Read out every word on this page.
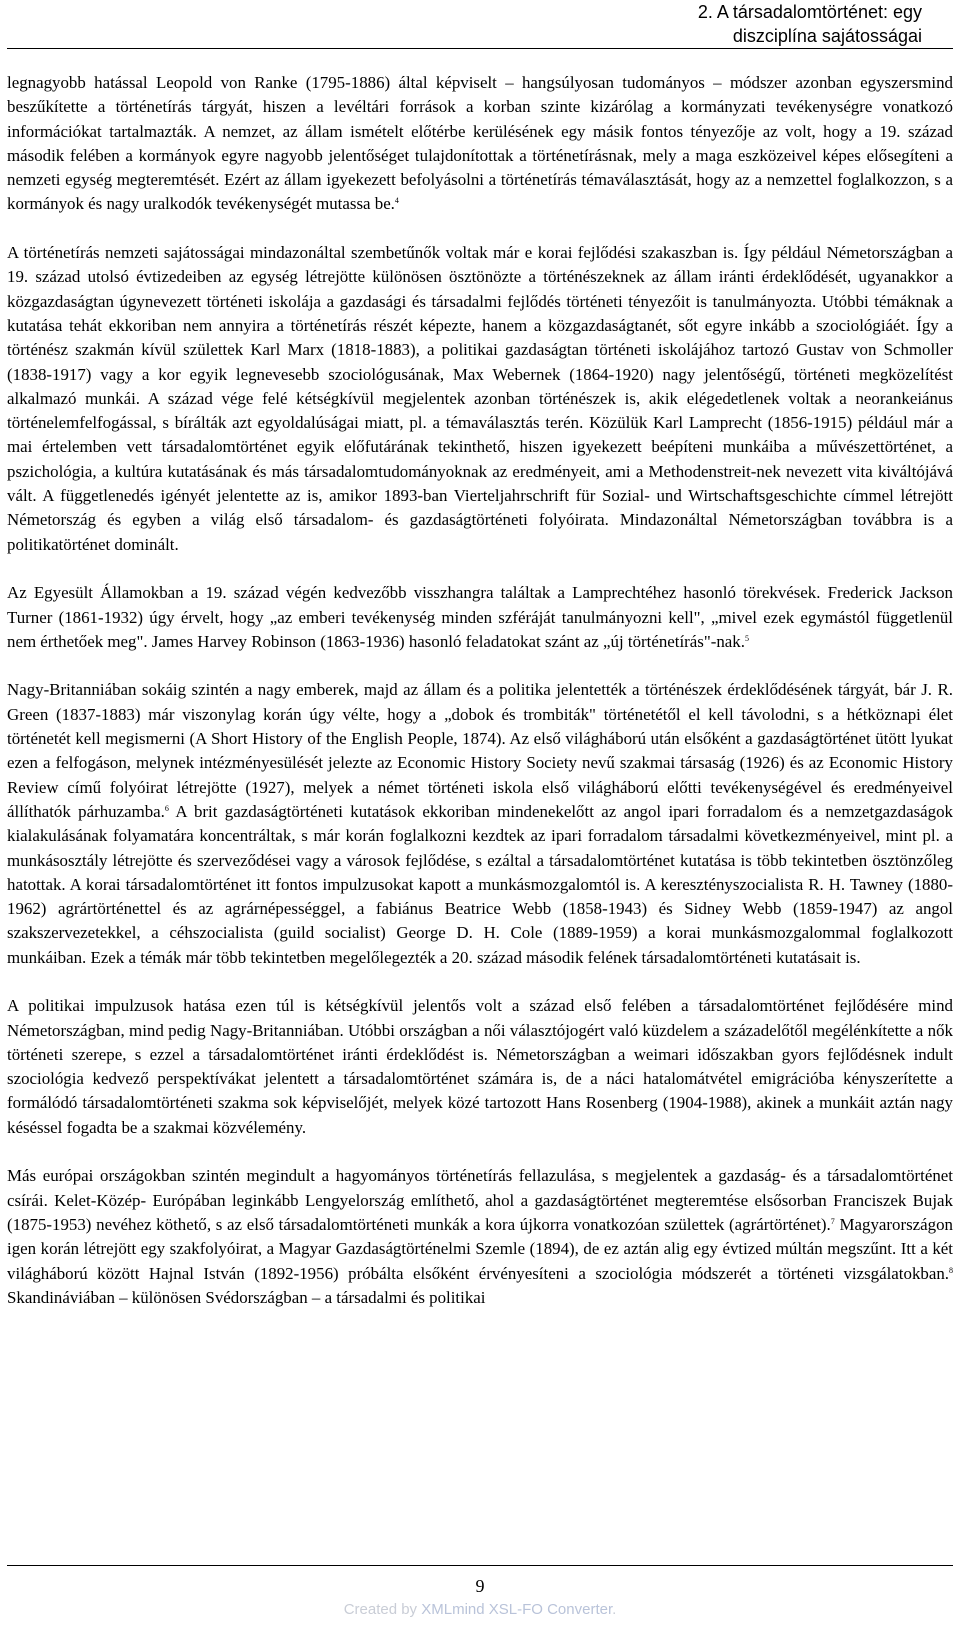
2. A társadalomtörténet: egy
diszciplína sajátosságai

legnagyobb hatással Leopold von Ranke (1795-1886) által képviselt – hangsúlyosan tudományos – módszer azonban egyszersmind beszűkítette a történetírás tárgyát, hiszen a levéltári források a korban szinte kizárólag a kormányzati tevékenységre vonatkozó információkat tartalmazták. A nemzet, az állam ismételt előtérbe kerülésének egy másik fontos tényezője az volt, hogy a 19. század második felében a kormányok egyre nagyobb jelentőséget tulajdonítottak a történetírásnak, mely a maga eszközeivel képes elősegíteni a nemzeti egység megteremtését. Ezért az állam igyekezett befolyásolni a történetírás témaválasztását, hogy az a nemzettel foglalkozzon, s a kormányok és nagy uralkodók tevékenységét mutassa be.$^4$

A történetírás nemzeti sajátosságai mindazonáltal szembetűnők voltak már e korai fejlődési szakaszban is. Így például Németországban a 19. század utolsó évtizedeiben az egység létrejötte különösen ösztönözte a történészeknek az állam iránti érdeklődését, ugyanakkor a közgazdaságtan úgynevezett történeti iskolája a gazdasági és társadalmi fejlődés történeti tényezőit is tanulmányozta. Utóbbi témáknak a kutatása tehát ekkoriban nem annyira a történetírás részét képezte, hanem a közgazdaságtanét, sőt egyre inkább a szociológiáét. Így a történész szakmán kívül születtek Karl Marx (1818-1883), a politikai gazdaságtan történeti iskolájához tartozó Gustav von Schmoller (1838-1917) vagy a kor egyik legnevesebb szociológusának, Max Webernek (1864-1920) nagy jelentőségű, történeti megközelítést alkalmazó munkái. A század vége felé kétségkívül megjelentek azonban történészek is, akik elégedetlenek voltak a neorankeiánus történelemfelfogással, s bírálták azt egyoldalúságai miatt, pl. a témaválasztás terén. Közülük Karl Lamprecht (1856-1915) például már a mai értelemben vett társadalomtörténet egyik előfutárának tekinthető, hiszen igyekezett beépíteni munkáiba a művészettörténet, a pszichológia, a kultúra kutatásának és más társadalomtudományoknak az eredményeit, ami a Methodenstreit-nek nevezett vita kiváltójává vált. A függetlenedés igényét jelentette az is, amikor 1893-ban Vierteljahrschrift für Sozial- und Wirtschaftsgeschichte címmel létrejött Németország és egyben a világ első társadalom- és gazdaságtörténeti folyóirata. Mindazonáltal Németországban továbbra is a politikatörténet dominált.

Az Egyesült Államokban a 19. század végén kedvezőbb visszhangra találtak a Lamprechtéhez hasonló törekvések. Frederick Jackson Turner (1861-1932) úgy érvelt, hogy „az emberi tevékenység minden szféráját tanulmányozni kell", „mivel ezek egymástól függetlenül nem érthetőek meg". James Harvey Robinson (1863-1936) hasonló feladatokat szánt az „új történetírás"-nak.$^5$

Nagy-Britanniában sokáig szintén a nagy emberek, majd az állam és a politika jelentették a történészek érdeklődésének tárgyát, bár J. R. Green (1837-1883) már viszonylag korán úgy vélte, hogy a „dobok és trombiták" történetétől el kell távolodni, s a hétköznapi élet történetét kell megismerni (A Short History of the English People, 1874). Az első világháború után elsőként a gazdaságtörténet ütött lyukat ezen a felfogáson, melynek intézményesülését jelezte az Economic History Society nevű szakmai társaság (1926) és az Economic History Review című folyóirat létrejötte (1927), melyek a német történeti iskola első világháború előtti tevékenységével és eredményeivel állíthatók párhuzamba.$^6$ A brit gazdaságtörténeti kutatások ekkoriban mindenekelőtt az angol ipari forradalom és a nemzetgazdaságok kialakulásának folyamatára koncentráltak, s már korán foglalkozni kezdtek az ipari forradalom társadalmi következményeivel, mint pl. a munkásosztály létrejötte és szerveződései vagy a városok fejlődése, s ezáltal a társadalomtörténet kutatása is több tekintetben ösztönzőleg hatottak. A korai társadalomtörténet itt fontos impulzusokat kapott a munkásmozgalomtól is. A keresztényszocialista R. H. Tawney (1880-1962) agrártörténettel és az agrárnépességgel, a fabiánus Beatrice Webb (1858-1943) és Sidney Webb (1859-1947) az angol szakszervezetekkel, a céhszocialista (guild socialist) George D. H. Cole (1889-1959) a korai munkásmozgalommal foglalkozott munkáiban. Ezek a témák már több tekintetben megelőlegezték a 20. század második felének társadalomtörténeti kutatásait is.

A politikai impulzusok hatása ezen túl is kétségkívül jelentős volt a század első felében a társadalomtörténet fejlődésére mind Németországban, mind pedig Nagy-Britanniában. Utóbbi országban a női választójogért való küzdelem a századelőtől megélénkítette a nők történeti szerepe, s ezzel a társadalomtörténet iránti érdeklődést is. Németországban a weimari időszakban gyors fejlődésnek indult szociológia kedvező perspektívákat jelentett a társadalomtörténet számára is, de a náci hatalomátvétel emigrációba kényszerítette a formálódó társadalomtörténeti szakma sok képviselőjét, melyek közé tartozott Hans Rosenberg (1904-1988), akinek a munkáit aztán nagy késéssel fogadta be a szakmai közvélemény.

Más európai országokban szintén megindult a hagyományos történetírás fellazulása, s megjelentek a gazdaság- és a társadalomtörténet csírái. Kelet-Közép- Európában leginkább Lengyelország említhető, ahol a gazdaságtörténet megteremtése elsősorban Franciszek Bujak (1875-1953) nevéhez köthető, s az első társadalomtörténeti munkák a kora újkorra vonatkozóan születtek (agrártörténet).$^7$ Magyarországon igen korán létrejött egy szakfolyóirat, a Magyar Gazdaságtörténelmi Szemle (1894), de ez aztán alig egy évtized múltán megszűnt. Itt a két világháború között Hajnal István (1892-1956) próbálta elsőként érvényesíteni a szociológia módszerét a történeti vizsgálatokban.$^8$ Skandináviában – különösen Svédországban – a társadalmi és politikai

9
Created by XMLmind XSL-FO Converter.
